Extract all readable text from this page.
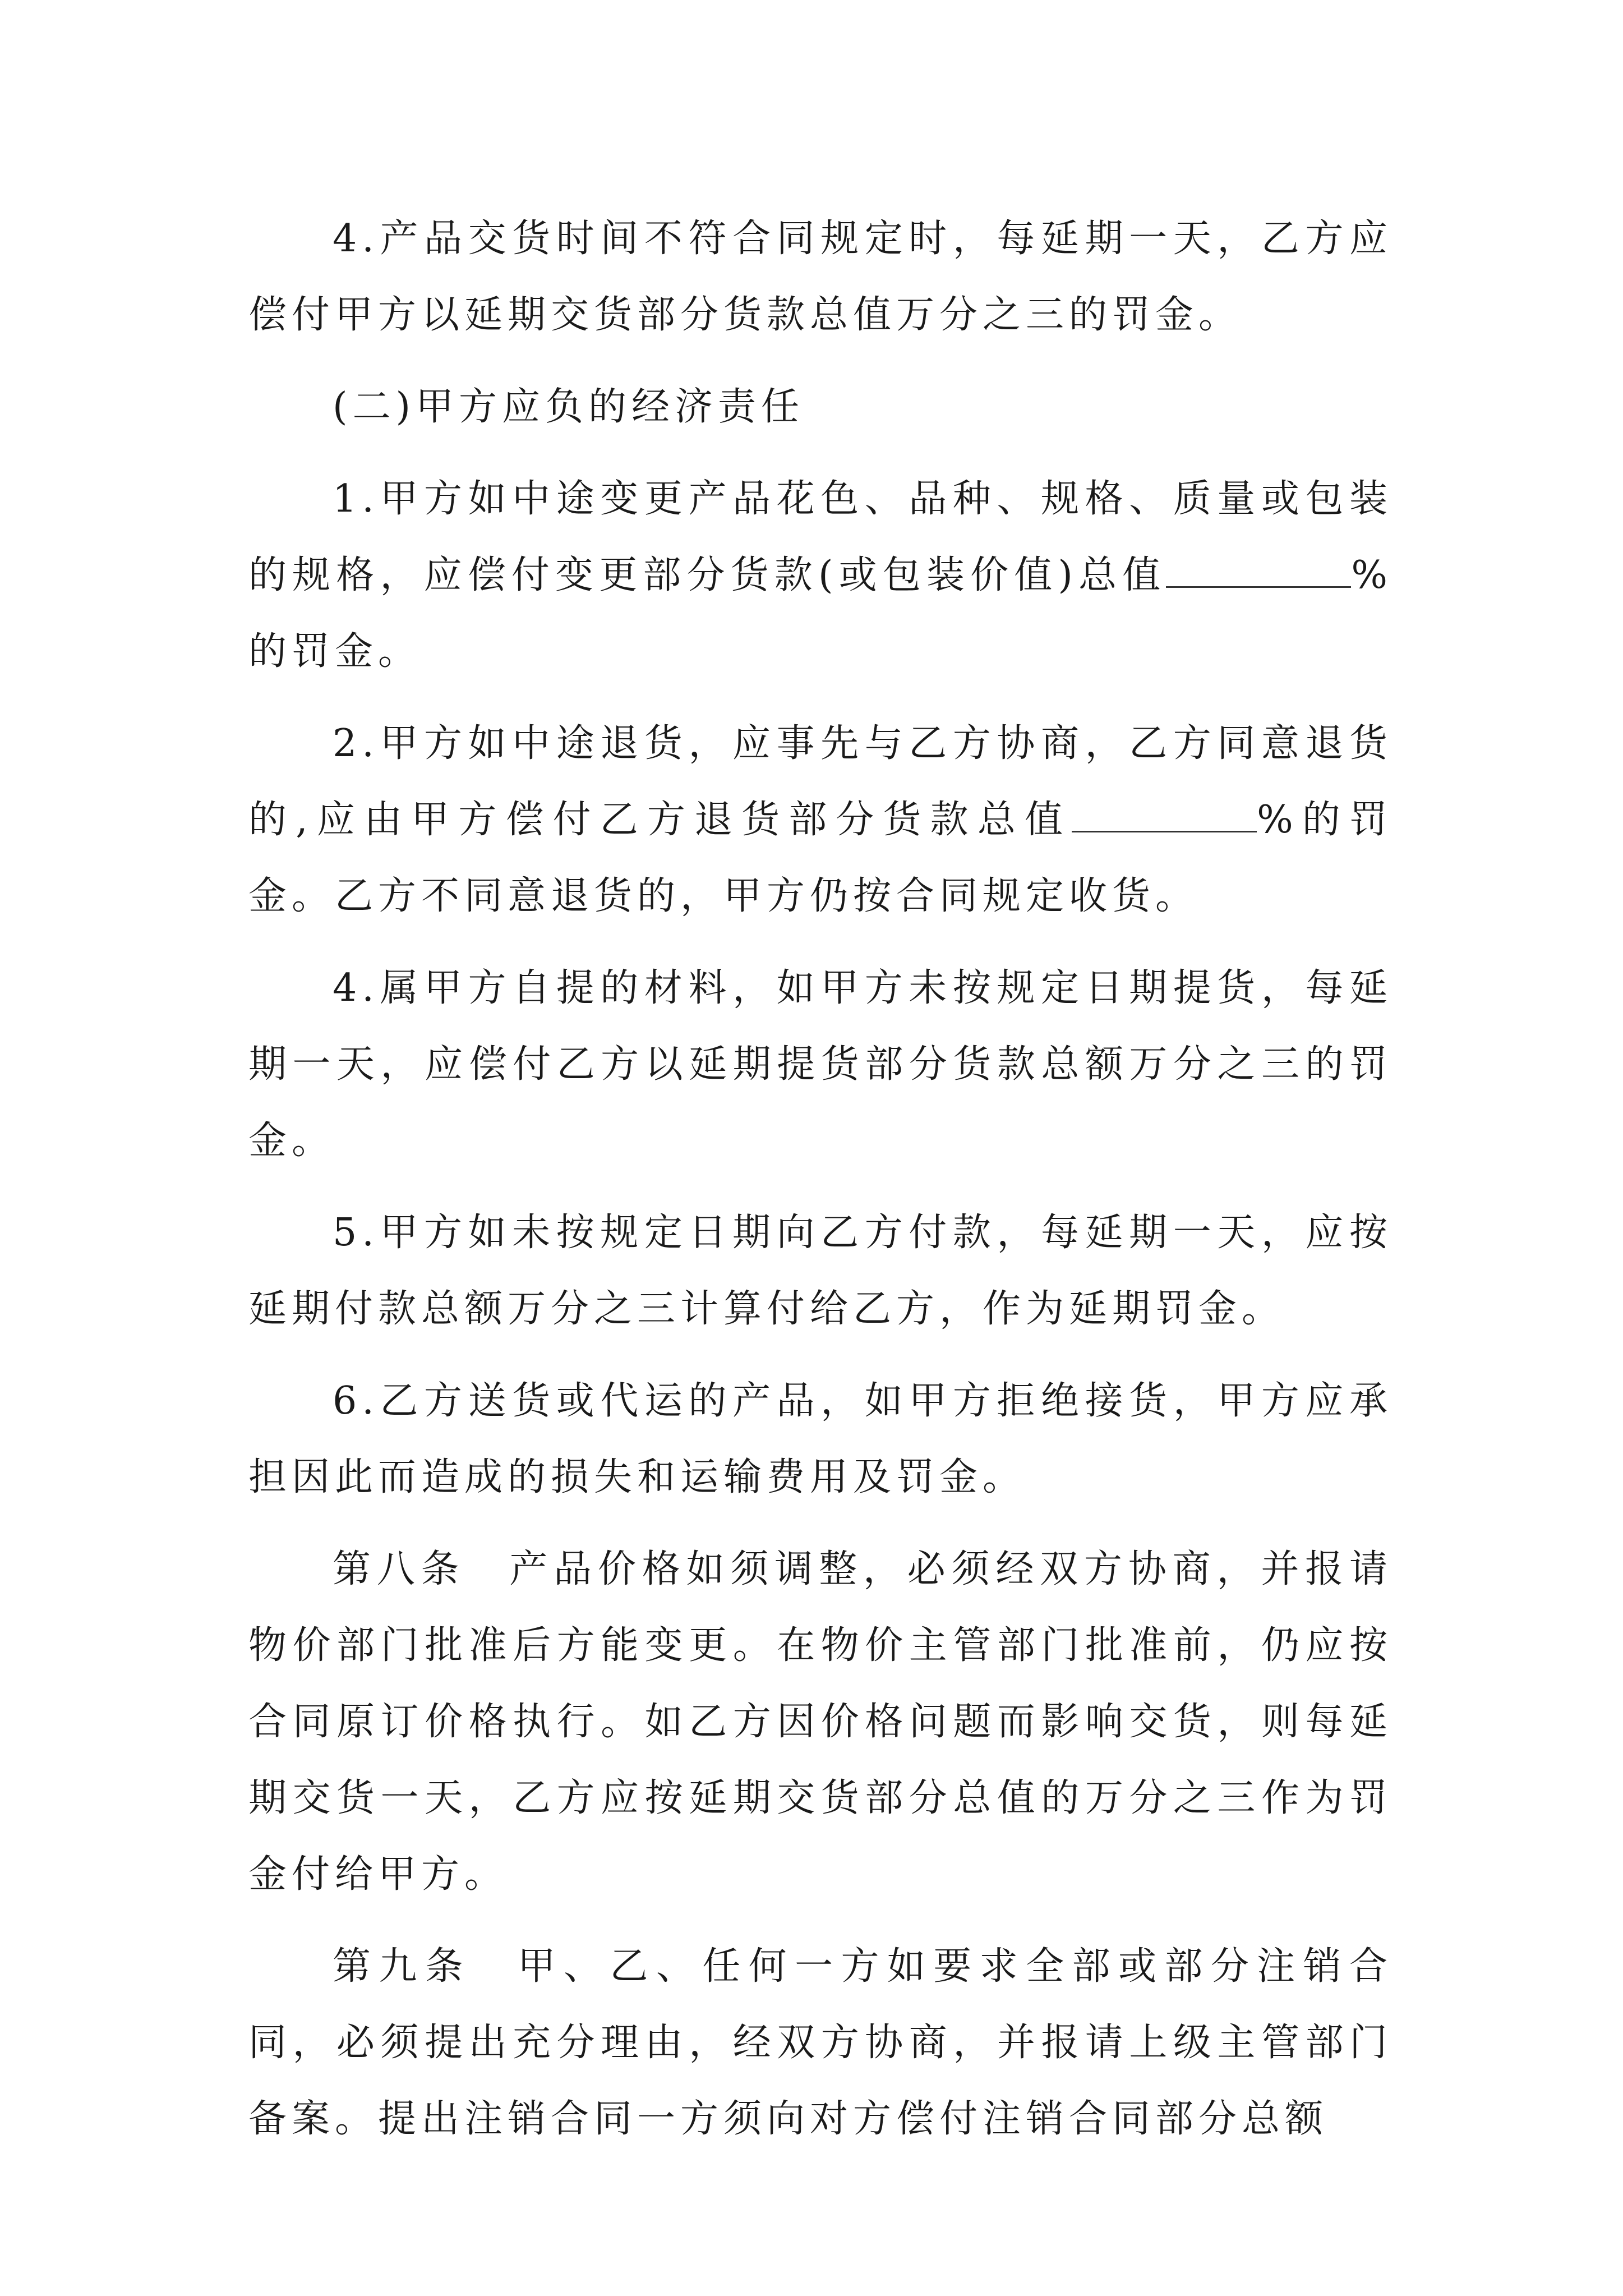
4.产品交货时间不符合同规定时，每延期一天，乙方应偿付甲方以延期交货部分货款总值万分之三的罚金。

(二)甲方应负的经济责任

1.甲方如中途变更产品花色、品种、规格、质量或包装的规格，应偿付变更部分货款(或包装价值)总值	%的罚金。

2.甲方如中途退货，应事先与乙方协商，乙方同意退货的,应由甲方偿付乙方退货部分货款总值	%的罚金。乙方不同意退货的，甲方仍按合同规定收货。

4.属甲方自提的材料，如甲方未按规定日期提货，每延期一天，应偿付乙方以延期提货部分货款总额万分之三的罚金。

5.甲方如未按规定日期向乙方付款，每延期一天，应按延期付款总额万分之三计算付给乙方，作为延期罚金。

6.乙方送货或代运的产品，如甲方拒绝接货，甲方应承担因此而造成的损失和运输费用及罚金。

第八条　产品价格如须调整，必须经双方协商，并报请物价部门批准后方能变更。在物价主管部门批准前，仍应按合同原订价格执行。如乙方因价格问题而影响交货，则每延期交货一天，乙方应按延期交货部分总值的万分之三作为罚金付给甲方。

第九条　甲、乙、任何一方如要求全部或部分注销合同，必须提出充分理由，经双方协商，并报请上级主管部门备案。提出注销合同一方须向对方偿付注销合同部分总额
